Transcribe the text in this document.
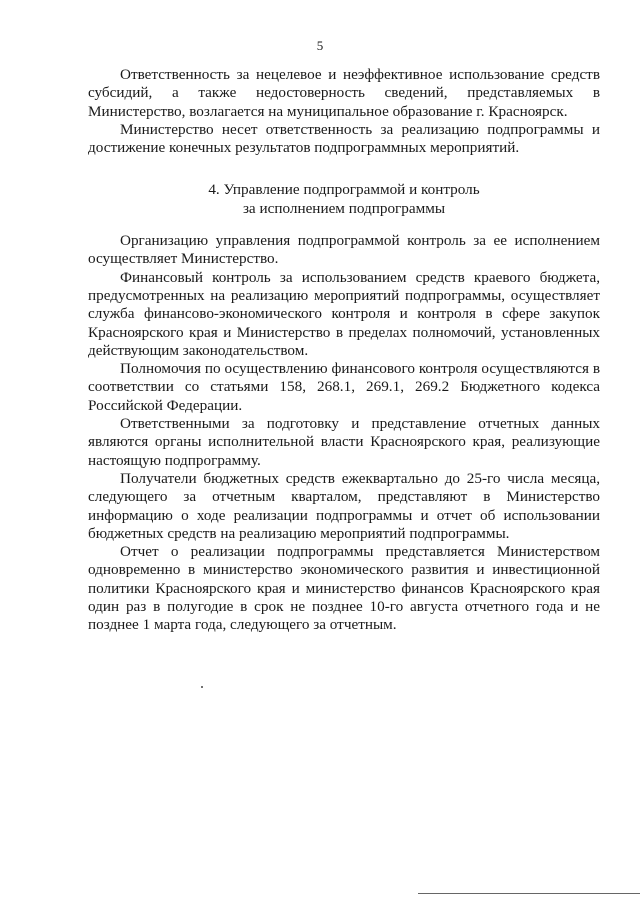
5

Ответственность за нецелевое и неэффективное использование средств субсидий, а также недостоверность сведений, представляемых в Министерство, возлагается на муниципальное образование г. Красноярск.

Министерство несет ответственность за реализацию подпрограммы и достижение конечных результатов подпрограммных мероприятий.

4. Управление подпрограммой и контроль
за исполнением подпрограммы

Организацию управления подпрограммой контроль за ее исполнением осуществляет Министерство.

Финансовый контроль за использованием средств краевого бюджета, предусмотренных на реализацию мероприятий подпрограммы, осуществляет служба финансово-экономического контроля и контроля в сфере закупок Красноярского края и Министерство в пределах полномочий, установленных действующим законодательством.

Полномочия по осуществлению финансового контроля осуществляются в соответствии со статьями 158, 268.1, 269.1, 269.2 Бюджетного кодекса Российской Федерации.

Ответственными за подготовку и представление отчетных данных являются органы исполнительной власти Красноярского края, реализующие настоящую подпрограмму.

Получатели бюджетных средств ежеквартально до 25-го числа месяца, следующего за отчетным кварталом, представляют в Министерство информацию о ходе реализации подпрограммы и отчет об использовании бюджетных средств на реализацию мероприятий подпрограммы.

Отчет о реализации подпрограммы представляется Министерством одновременно в министерство экономического развития и инвестиционной политики Красноярского края и министерство финансов Красноярского края один раз в полугодие в срок не позднее 10-го августа отчетного года и не позднее 1 марта года, следующего за отчетным.
